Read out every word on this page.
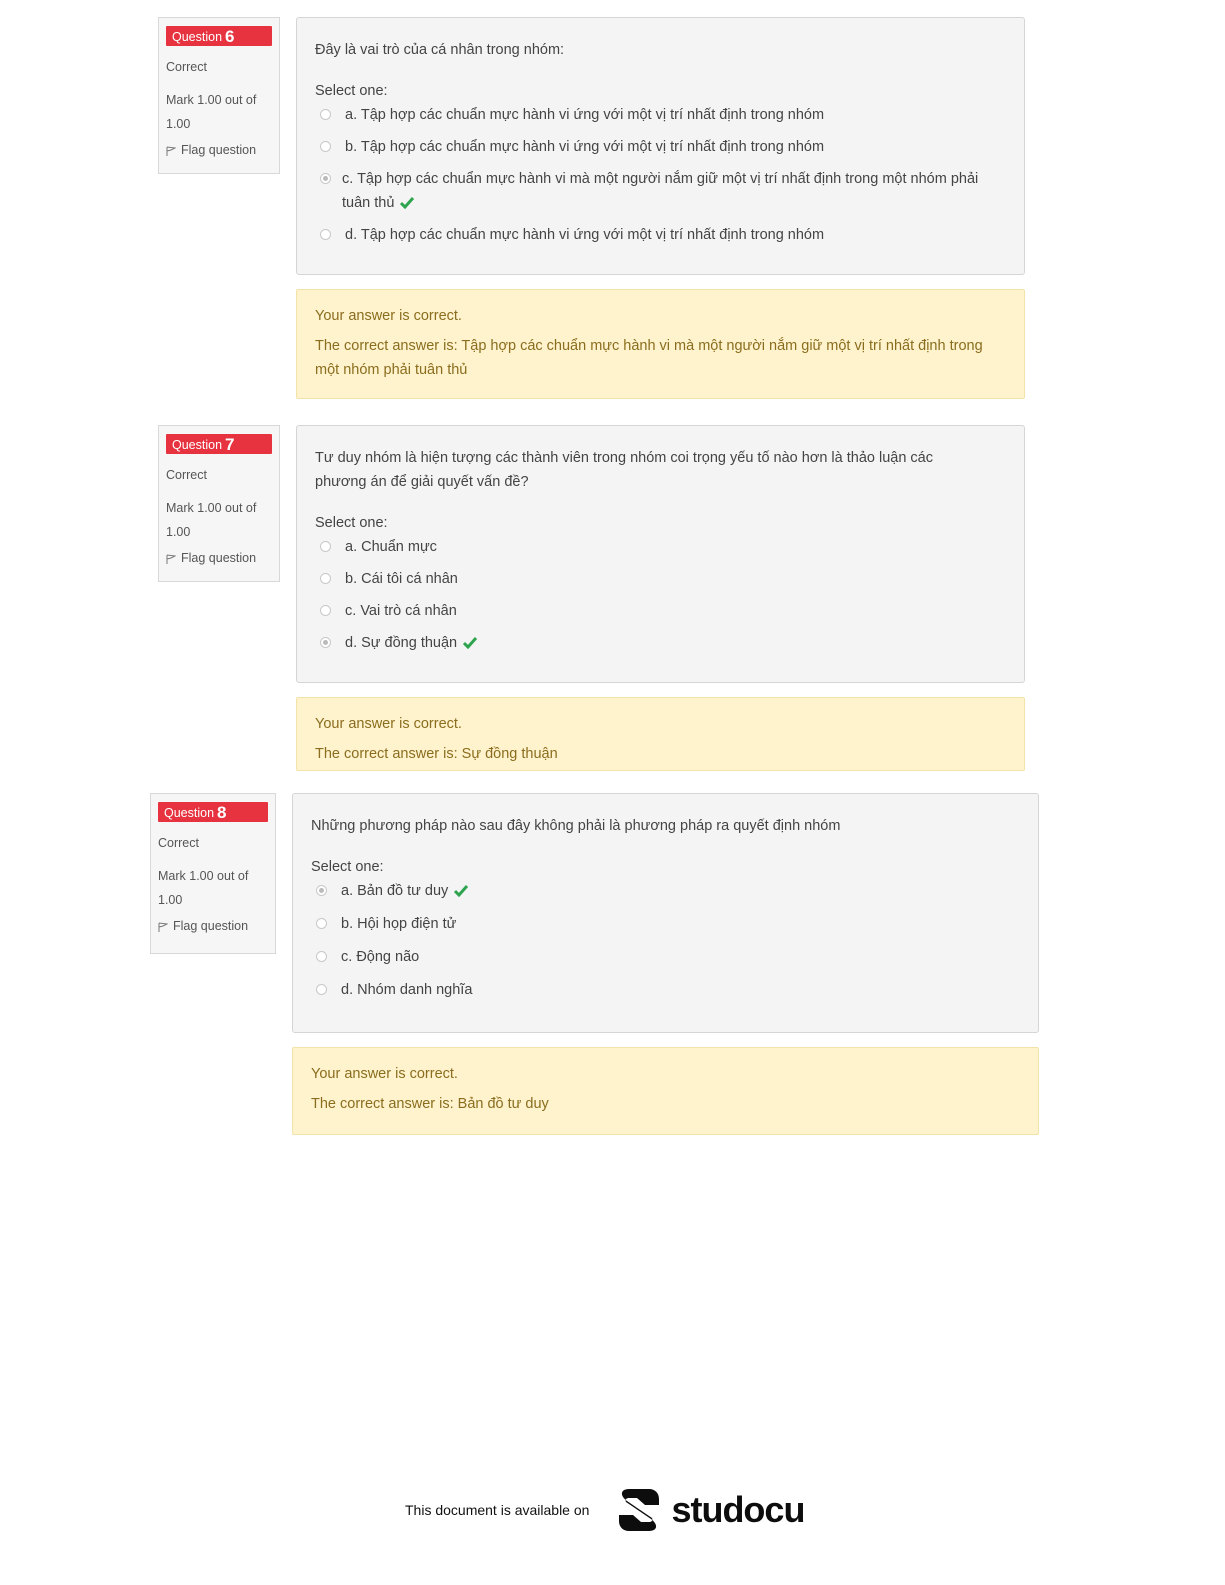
Question 6
Correct
Mark 1.00 out of 1.00
Flag question
Đây là vai trò của cá nhân trong nhóm:
Select one:
a. Tập hợp các chuẩn mực hành vi ứng với một vị trí nhất định trong nhóm
b. Tập hợp các chuẩn mực hành vi ứng với một vị trí nhất định trong nhóm
c. Tập hợp các chuẩn mực hành vi mà một người nắm giữ một vị trí nhất định trong một nhóm phải tuân thủ
d. Tập hợp các chuẩn mực hành vi ứng với một vị trí nhất định trong nhóm
Your answer is correct.
The correct answer is: Tập hợp các chuẩn mực hành vi mà một người nắm giữ một vị trí nhất định trong một nhóm phải tuân thủ
Question 7
Correct
Mark 1.00 out of 1.00
Flag question
Tư duy nhóm là hiện tượng các thành viên trong nhóm coi trọng yếu tố nào hơn là thảo luận các phương án để giải quyết vấn đề?
Select one:
a. Chuẩn mực
b. Cái tôi cá nhân
c. Vai trò cá nhân
d. Sự đồng thuận
Your answer is correct.
The correct answer is: Sự đồng thuận
Question 8
Correct
Mark 1.00 out of 1.00
Flag question
Những phương pháp nào sau đây không phải là phương pháp ra quyết định nhóm
Select one:
a. Bản đồ tư duy
b. Hội họp điện tử
c. Động não
d. Nhóm danh nghĩa
Your answer is correct.
The correct answer is: Bản đồ tư duy
This document is available on studocu
